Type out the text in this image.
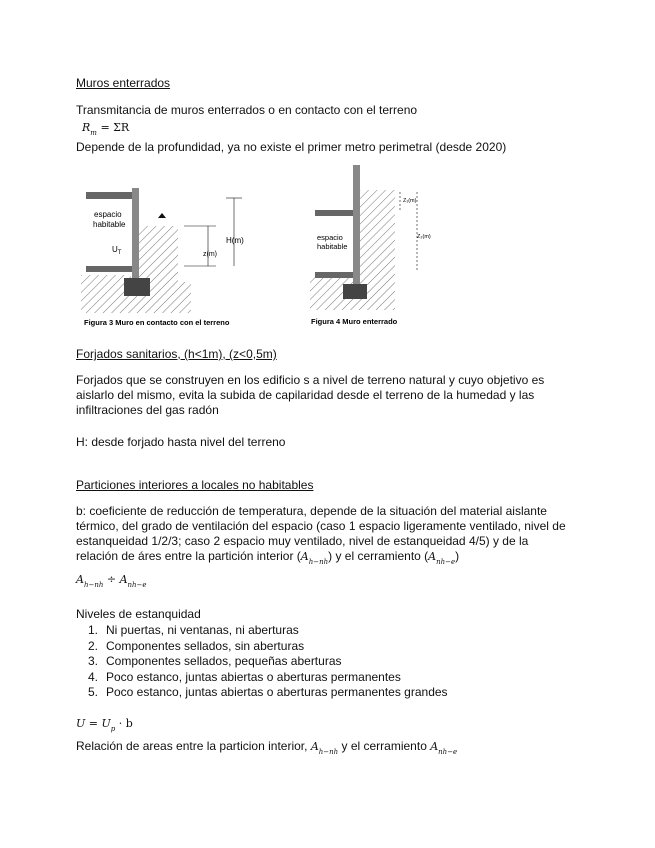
Muros enterrados
Transmitancia de muros enterrados o en contacto con el terreno
$R_m = \Sigma R$
Depende de la profundidad, ya no existe el primer metro perimetral (desde 2020)
espacio
habitable
$U_T$
H(m)
z(m)
Figura 3 Muro en contacto con el terreno
espacio
habitable
Z₁(m)
Z₂(m)
Figura 4 Muro enterrado
Forjados sanitarios, (h<1m), (z<0,5m)
Forjados que se construyen en los edificio s a nivel de terreno natural y cuyo objetivo es aislarlo del mismo, evita la subida de capilaridad desde el terreno de la humedad y las infiltraciones del gas radón
H: desde forjado hasta nivel del terreno
Particiones interiores a locales no habitables
b: coeficiente de reducción de temperatura, depende de la situación del material aislante térmico, del grado de ventilación del espacio (caso 1 espacio ligeramente ventilado, nivel de estanqueidad 1/2/3; caso 2 espacio muy ventilado, nivel de estanqueidad 4/5) y de la relación de áres entre la partición interior $(A_{h-nh})$ y el cerramiento $(A_{nh-e})$
$A_{h-nh} \div A_{nh-e}$
Niveles de estanquidad
1. Ni puertas, ni ventanas, ni aberturas
2. Componentes sellados, sin aberturas
3. Componentes sellados, pequeñas aberturas
4. Poco estanco, juntas abiertas o aberturas permanentes
5. Poco estanco, juntas abiertas o aberturas permanentes grandes
$U = U_p \cdot b$
Relación de areas entre la particion interior, $A_{h-nh}$ y el cerramiento $A_{nh-e}$
